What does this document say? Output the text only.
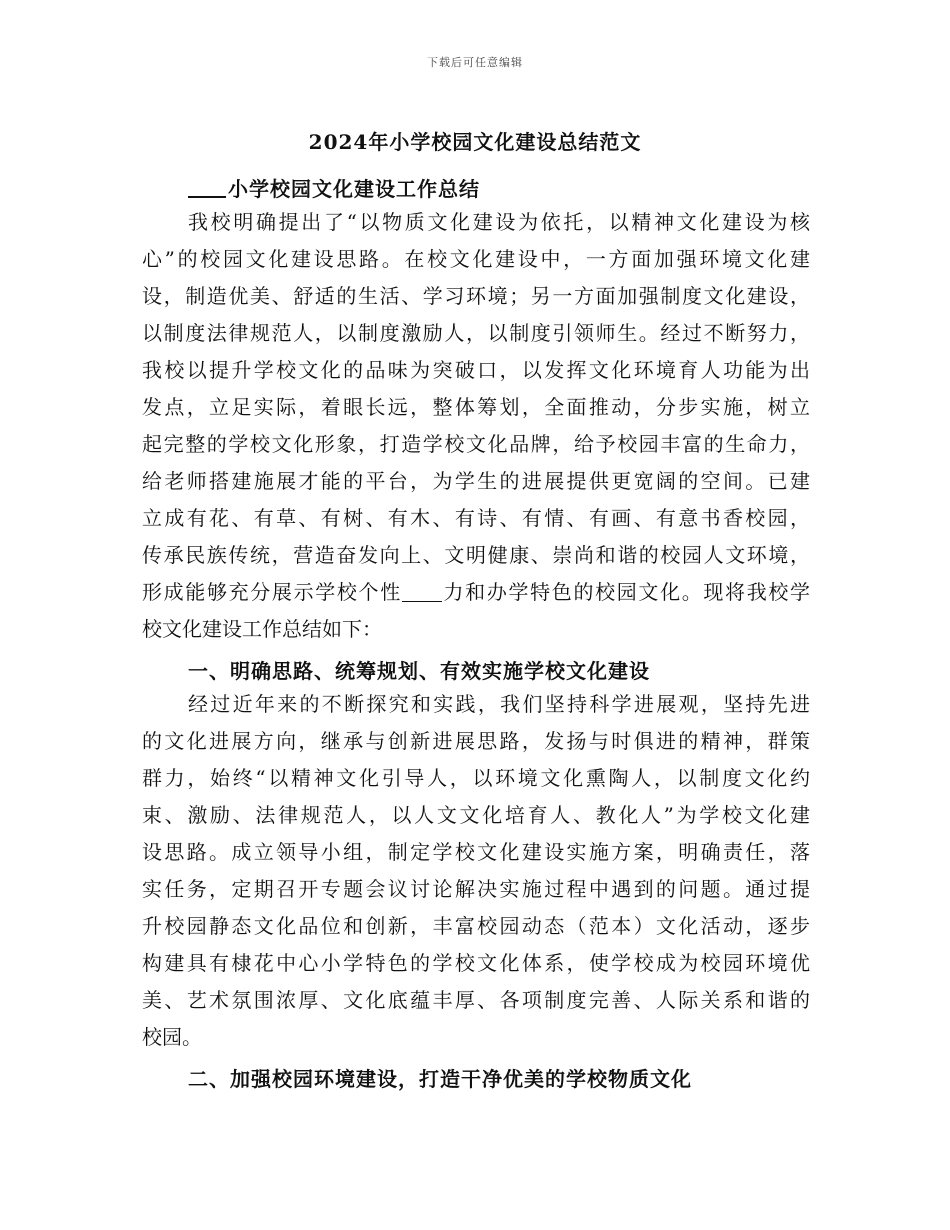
下载后可任意编辑
2024年小学校园文化建设总结范文
小学校园文化建设工作总结
我校明确提出了“以物质文化建设为依托，以精神文化建设为核
心”的校园文化建设思路。在校文化建设中，一方面加强环境文化建
设，制造优美、舒适的生活、学习环境；另一方面加强制度文化建设，
以制度法律规范人，以制度激励人，以制度引领师生。经过不断努力，
我校以提升学校文化的品味为突破口，以发挥文化环境育人功能为出
发点，立足实际，着眼长远，整体筹划，全面推动，分步实施，树立
起完整的学校文化形象，打造学校文化品牌，给予校园丰富的生命力，
给老师搭建施展才能的平台，为学生的进展提供更宽阔的空间。已建
立成有花、有草、有树、有木、有诗、有情、有画、有意书香校园，
传承民族传统，营造奋发向上、文明健康、崇尚和谐的校园人文环境，
形成能够充分展示学校个性 力和办学特色的校园文化。现将我校学
校文化建设工作总结如下：
一、明确思路、统筹规划、有效实施学校文化建设
经过近年来的不断探究和实践，我们坚持科学进展观，坚持先进
的文化进展方向，继承与创新进展思路，发扬与时俱进的精神，群策
群力，始终“以精神文化引导人，以环境文化熏陶人，以制度文化约
束、激励、法律规范人，以人文文化培育人、教化人”为学校文化建
设思路。成立领导小组，制定学校文化建设实施方案，明确责任，落
实任务，定期召开专题会议讨论解决实施过程中遇到的问题。通过提
升校园静态文化品位和创新，丰富校园动态（范本）文化活动，逐步
构建具有棣花中心小学特色的学校文化体系，使学校成为校园环境优
美、艺术氛围浓厚、文化底蕴丰厚、各项制度完善、人际关系和谐的
校园。
二、加强校园环境建设，打造干净优美的学校物质文化
